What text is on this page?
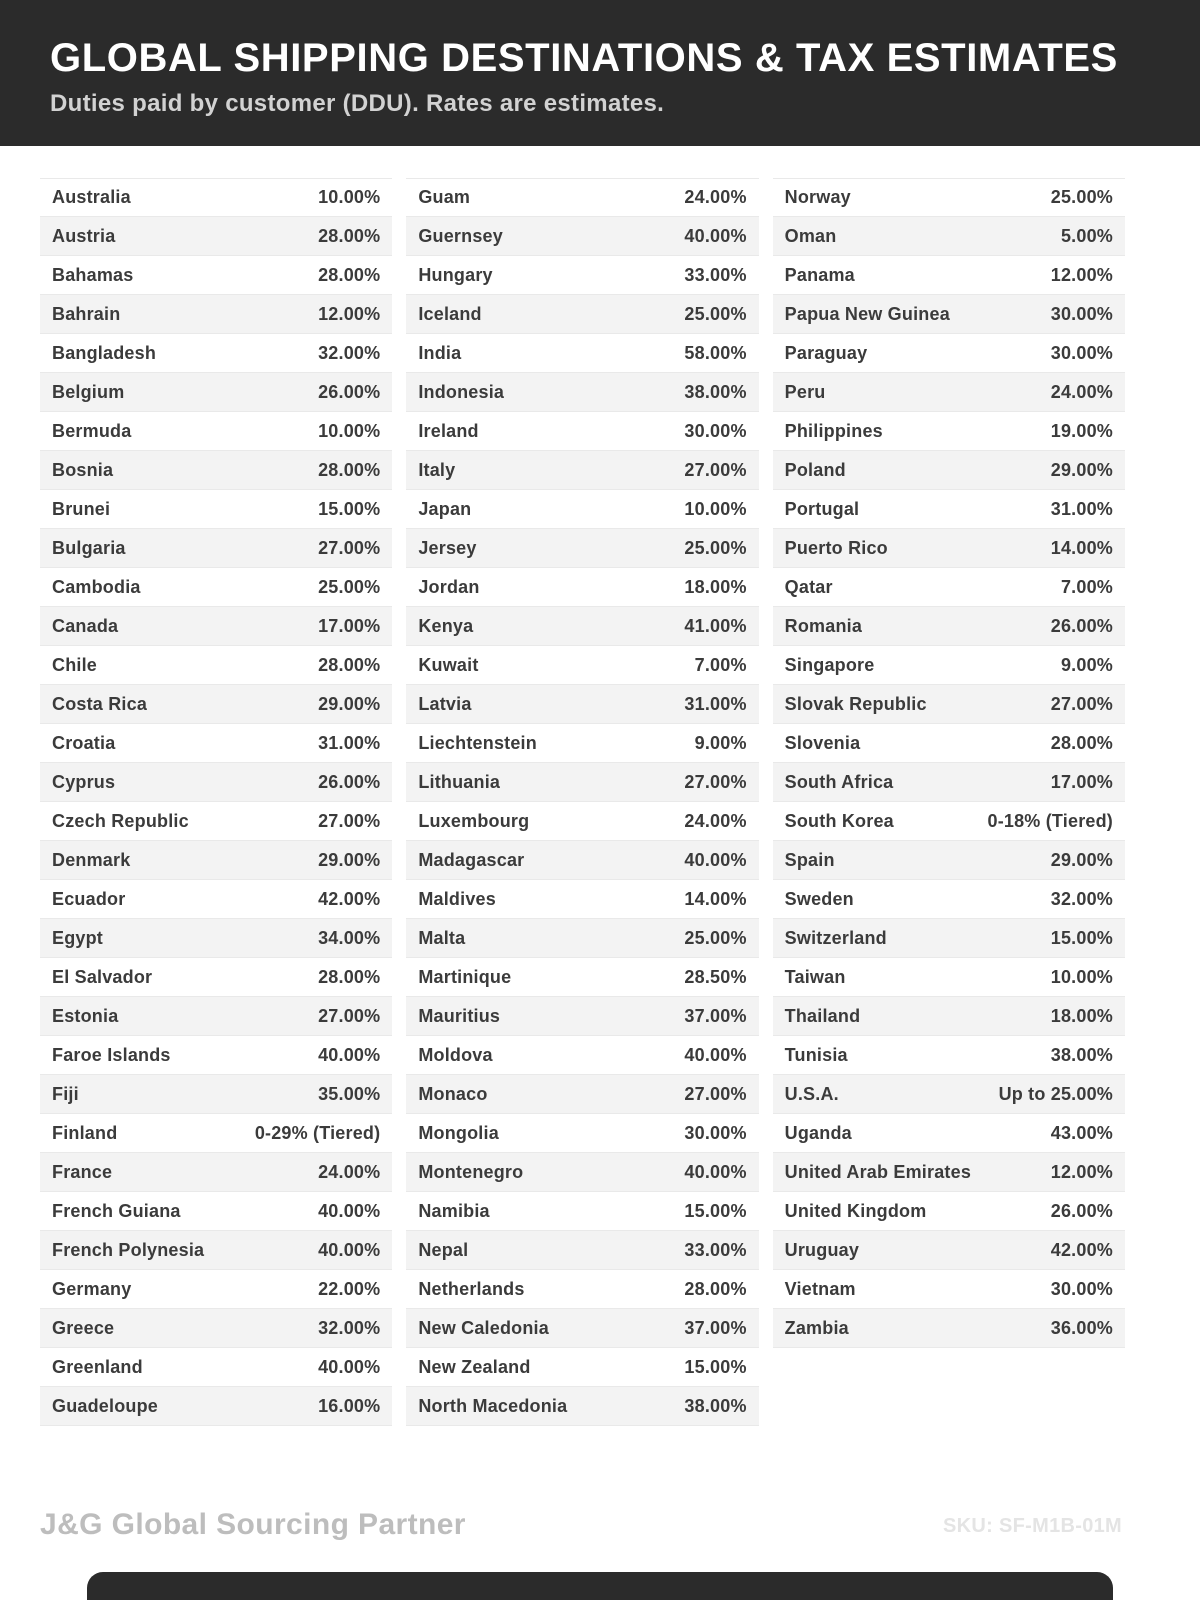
GLOBAL SHIPPING DESTINATIONS & TAX ESTIMATES

Duties paid by customer (DDU). Rates are estimates.

Australia	10.00%
Austria	28.00%
Bahamas	28.00%
Bahrain	12.00%
Bangladesh	32.00%
Belgium	26.00%
Bermuda	10.00%
Bosnia	28.00%
Brunei	15.00%
Bulgaria	27.00%
Cambodia	25.00%
Canada	17.00%
Chile	28.00%
Costa Rica	29.00%
Croatia	31.00%
Cyprus	26.00%
Czech Republic	27.00%
Denmark	29.00%
Ecuador	42.00%
Egypt	34.00%
El Salvador	28.00%
Estonia	27.00%
Faroe Islands	40.00%
Fiji	35.00%
Finland	0-29% (Tiered)
France	24.00%
French Guiana	40.00%
French Polynesia	40.00%
Germany	22.00%
Greece	32.00%
Greenland	40.00%
Guadeloupe	16.00%
Guam	24.00%
Guernsey	40.00%
Hungary	33.00%
Iceland	25.00%
India	58.00%
Indonesia	38.00%
Ireland	30.00%
Italy	27.00%
Japan	10.00%
Jersey	25.00%
Jordan	18.00%
Kenya	41.00%
Kuwait	7.00%
Latvia	31.00%
Liechtenstein	9.00%
Lithuania	27.00%
Luxembourg	24.00%
Madagascar	40.00%
Maldives	14.00%
Malta	25.00%
Martinique	28.50%
Mauritius	37.00%
Moldova	40.00%
Monaco	27.00%
Mongolia	30.00%
Montenegro	40.00%
Namibia	15.00%
Nepal	33.00%
Netherlands	28.00%
New Caledonia	37.00%
New Zealand	15.00%
North Macedonia	38.00%
Norway	25.00%
Oman	5.00%
Panama	12.00%
Papua New Guinea	30.00%
Paraguay	30.00%
Peru	24.00%
Philippines	19.00%
Poland	29.00%
Portugal	31.00%
Puerto Rico	14.00%
Qatar	7.00%
Romania	26.00%
Singapore	9.00%
Slovak Republic	27.00%
Slovenia	28.00%
South Africa	17.00%
South Korea	0-18% (Tiered)
Spain	29.00%
Sweden	32.00%
Switzerland	15.00%
Taiwan	10.00%
Thailand	18.00%
Tunisia	38.00%
U.S.A.	Up to 25.00%
Uganda	43.00%
United Arab Emirates	12.00%
United Kingdom	26.00%
Uruguay	42.00%
Vietnam	30.00%
Zambia	36.00%
J&G Global Sourcing Partner	SKU: SF-M1B-01M
